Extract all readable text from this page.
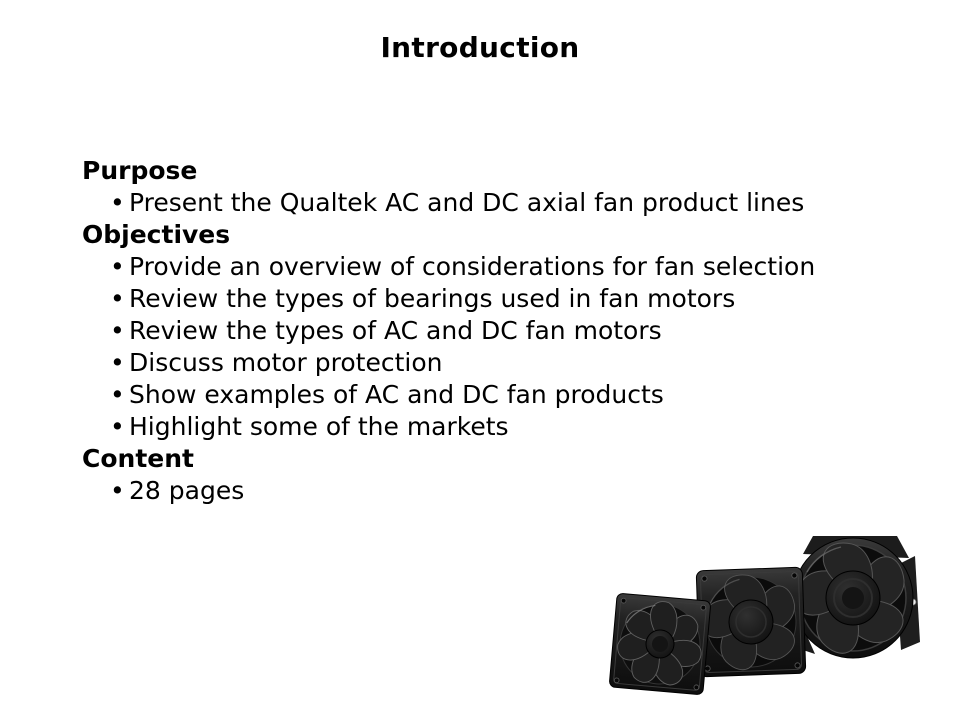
Introduction
Purpose
• Present the Qualtek AC and DC axial fan product lines
Objectives
• Provide an overview of considerations for fan selection
• Review the types of bearings used in fan motors
• Review the types of AC and DC fan motors
• Discuss motor protection
• Show examples of AC and DC fan products
• Highlight some of the markets
Content
• 28 pages
